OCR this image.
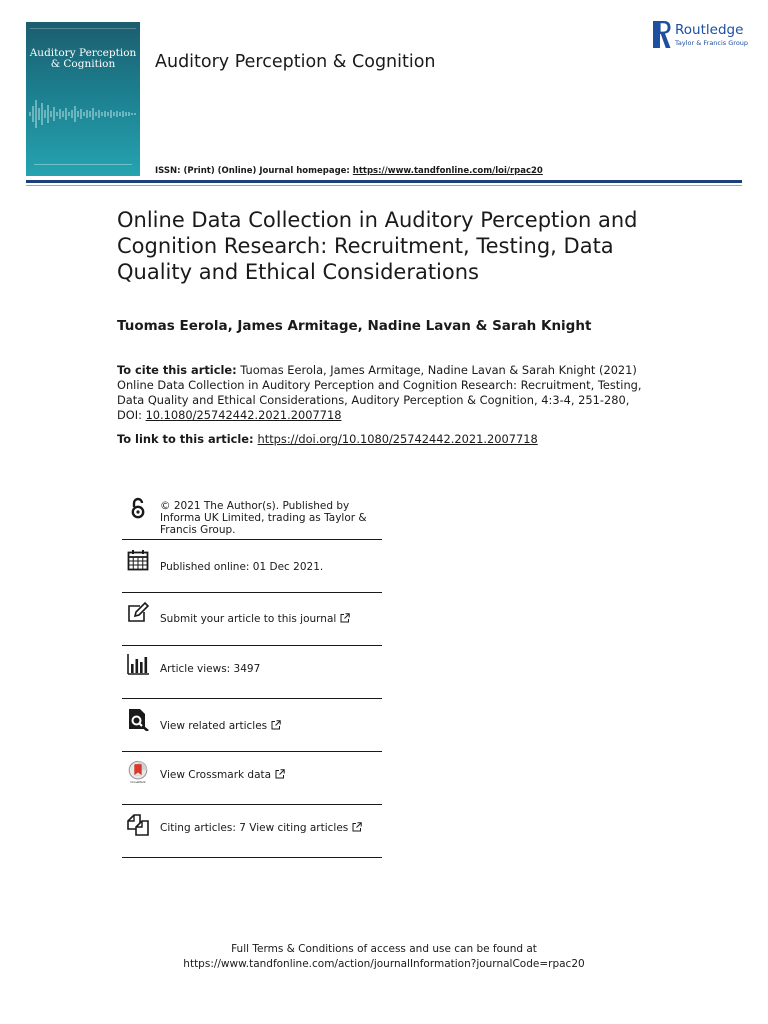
Auditory Perception & Cognition	Auditory Perception & Cognition
Routledge
Taylor & Francis Group
ISSN: (Print) (Online) Journal homepage: https://www.tandfonline.com/loi/rpac20
Online Data Collection in Auditory Perception and Cognition Research: Recruitment, Testing, Data Quality and Ethical Considerations
Tuomas Eerola, James Armitage, Nadine Lavan & Sarah Knight

To cite this article: Tuomas Eerola, James Armitage, Nadine Lavan & Sarah Knight (2021) Online Data Collection in Auditory Perception and Cognition Research: Recruitment, Testing, Data Quality and Ethical Considerations, Auditory Perception & Cognition, 4:3-4, 251-280, DOI: 10.1080/25742442.2021.2007718

To link to this article: https://doi.org/10.1080/25742442.2021.2007718

© 2021 The Author(s). Published by Informa UK Limited, trading as Taylor & Francis Group.
Published online: 01 Dec 2021.
Submit your article to this journal
Article views: 3497
View related articles
CrossMark
View Crossmark data
Citing articles: 7 View citing articles
Full Terms & Conditions of access and use can be found at
https://www.tandfonline.com/action/journalInformation?journalCode=rpac20
